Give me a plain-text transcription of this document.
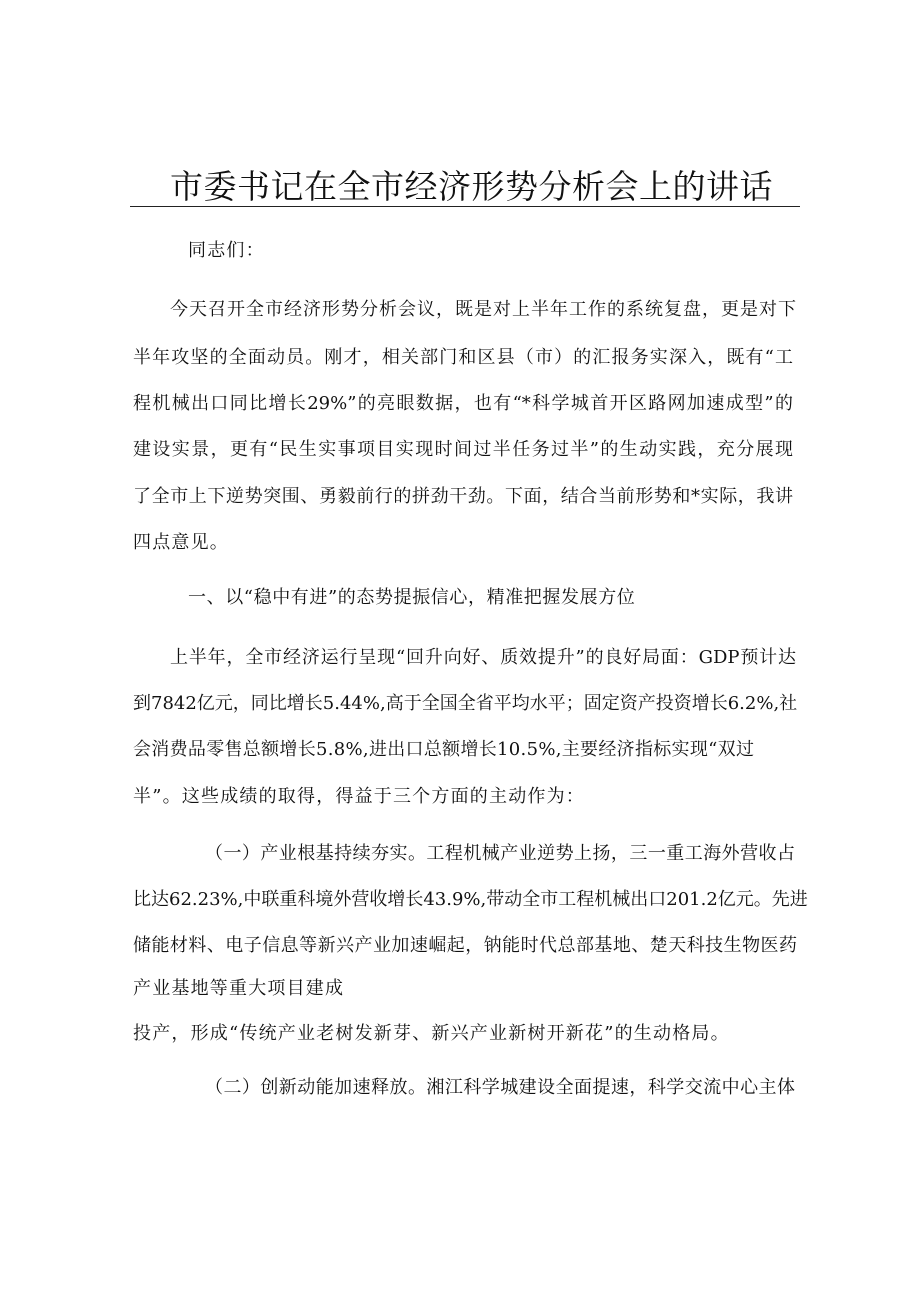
市委书记在全市经济形势分析会上的讲话
同志们：
今天召开全市经济形势分析会议，既是对上半年工作的系统复盘，更是对下
半年攻坚的全面动员。刚才，相关部门和区县（市）的汇报务实深入，既有“工
程机械出口同比增长29%”的亮眼数据，也有“*科学城首开区路网加速成型”的
建设实景，更有“民生实事项目实现时间过半任务过半”的生动实践，充分展现
了全市上下逆势突围、勇毅前行的拼劲干劲。下面，结合当前形势和*实际，我讲
四点意见。
一、以“稳中有进”的态势提振信心，精准把握发展方位
上半年，全市经济运行呈现“回升向好、质效提升”的良好局面：GDP预计达
到7842亿元，同比增长5.44%,高于全国全省平均水平；固定资产投资增长6.2%,社
会消费品零售总额增长5.8%,进出口总额增长10.5%,主要经济指标实现“双过
半”。这些成绩的取得，得益于三个方面的主动作为：
（一）产业根基持续夯实。工程机械产业逆势上扬，三一重工海外营收占
比达62.23%,中联重科境外营收增长43.9%,带动全市工程机械出口201.2亿元。先进
储能材料、电子信息等新兴产业加速崛起，钠能时代总部基地、楚天科技生物医药
产业基地等重大项目建成
投产，形成“传统产业老树发新芽、新兴产业新树开新花”的生动格局。
（二）创新动能加速释放。湘江科学城建设全面提速，科学交流中心主体
